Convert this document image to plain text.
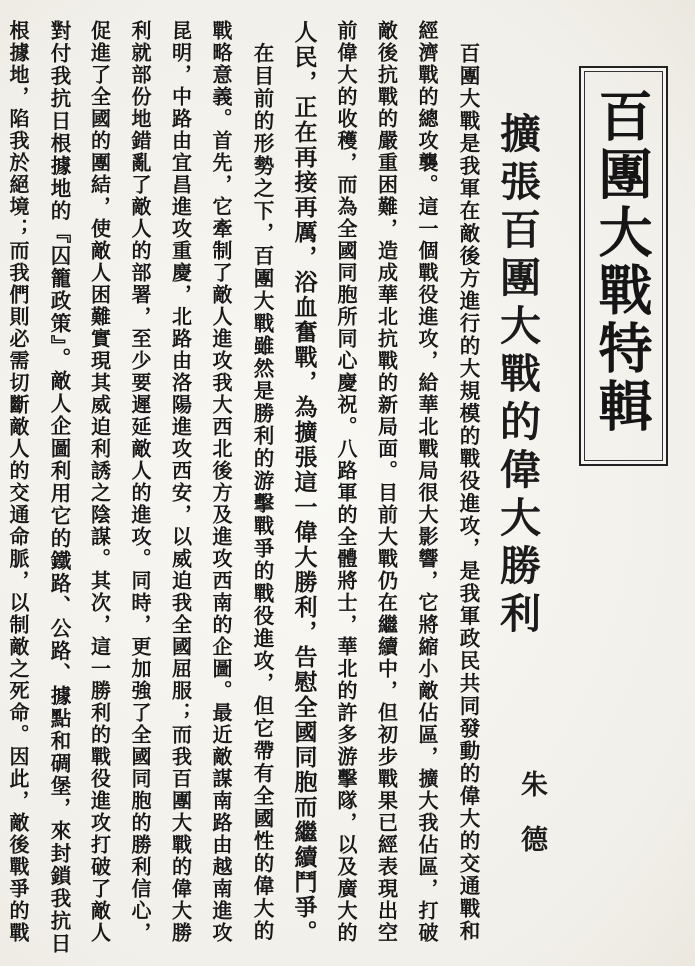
百團大戰特輯
擴張百團大戰的偉大勝利
朱德
　百團大戰是我軍在敵後方進行的大規模的戰役進攻，是我軍政民共同發動的偉大的交通戰和
經濟戰的總攻襲。這一個戰役進攻，給華北戰局很大影響，它將縮小敵佔區，擴大我佔區，打破
敵後抗戰的嚴重困難，造成華北抗戰的新局面。目前大戰仍在繼續中，但初步戰果已經表現出空
前偉大的收穫，而為全國同胞所同心慶祝。八路軍的全體將士，華北的許多游擊隊，以及廣大的
人民，正在再接再厲，浴血奮戰，為擴張這一偉大勝利，告慰全國同胞而繼續鬥爭。
　在目前的形勢之下，百團大戰雖然是勝利的游擊戰爭的戰役進攻，但它帶有全國性的偉大的
戰略意義。首先，它牽制了敵人進攻我大西北後方及進攻西南的企圖。最近敵謀南路由越南進攻
昆明，中路由宜昌進攻重慶，北路由洛陽進攻西安，以威迫我全國屈服；而我百團大戰的偉大勝
利就部份地錯亂了敵人的部署，至少要遲延敵人的進攻。同時，更加強了全國同胞的勝利信心，
促進了全國的團結，使敵人困難實現其威迫利誘之陰謀。其次，這一勝利的戰役進攻打破了敵人
對付我抗日根據地的『囚籠政策』。敵人企圖利用它的鐵路、公路、據點和碉堡，來封鎖我抗日
根據地，陷我於絕境；而我們則必需切斷敵人的交通命脈，以制敵之死命。因此，敵後戰爭的戰
